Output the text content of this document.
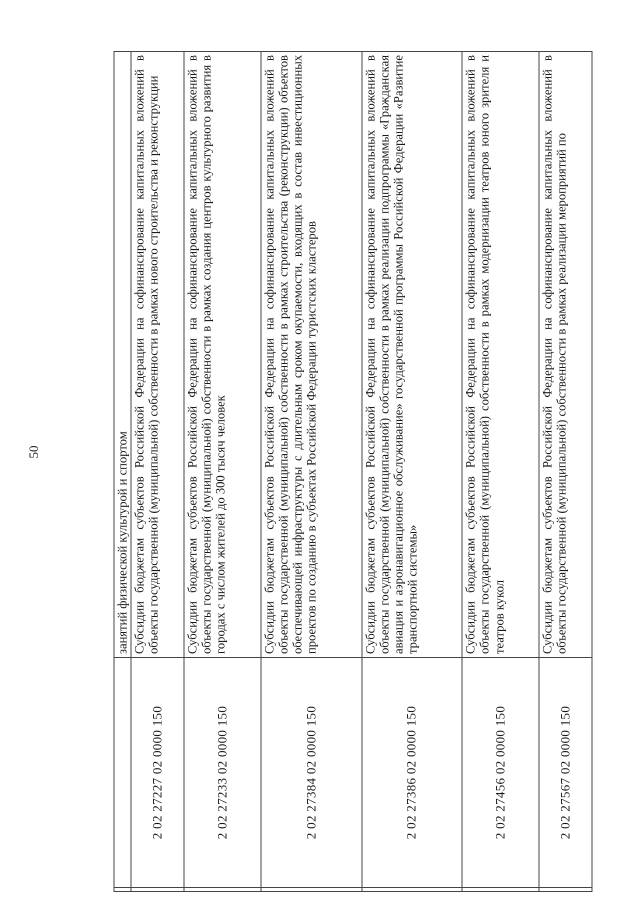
50
			занятий физической культурой и спортом
	2 02 27227 02 0000 150	Субсидии бюджетам субъектов Российской Федерации на софинансирование капитальных вложений в объекты государственной (муниципальной) собственности в рамках нового строительства и реконструкции
	2 02 27233 02 0000 150	Субсидии бюджетам субъектов Российской Федерации на софинансирование капитальных вложений в объекты государственной (муниципальной) собственности в рамках создания центров культурного развития в городах с числом жителей до 300 тысяч человек
	2 02 27384 02 0000 150	Субсидии бюджетам субъектов Российской Федерации на софинансирование капитальных вложений в объекты государственной (муниципальной) собственности в рамках строительства (реконструкции) объектов обеспечивающей инфраструктуры с длительным сроком окупаемости, входящих в состав инвестиционных проектов по созданию в субъектах Российской Федерации туристских кластеров
	2 02 27386 02 0000 150	Субсидии бюджетам субъектов Российской Федерации на софинансирование капитальных вложений в объекты государственной (муниципальной) собственности в рамках реализации подпрограммы «Гражданская авиация и аэронавигационное обслуживание» государственной программы Российской Федерации «Развитие транспортной системы»
	2 02 27456 02 0000 150	Субсидии бюджетам субъектов Российской Федерации на софинансирование капитальных вложений в объекты государственной (муниципальной) собственности в рамках модернизации театров юного зрителя и театров кукол
	2 02 27567 02 0000 150	Субсидии бюджетам субъектов Российской Федерации на софинансирование капитальных вложений в объекты государственной (муниципальной) собственности в рамках реализации мероприятий по
